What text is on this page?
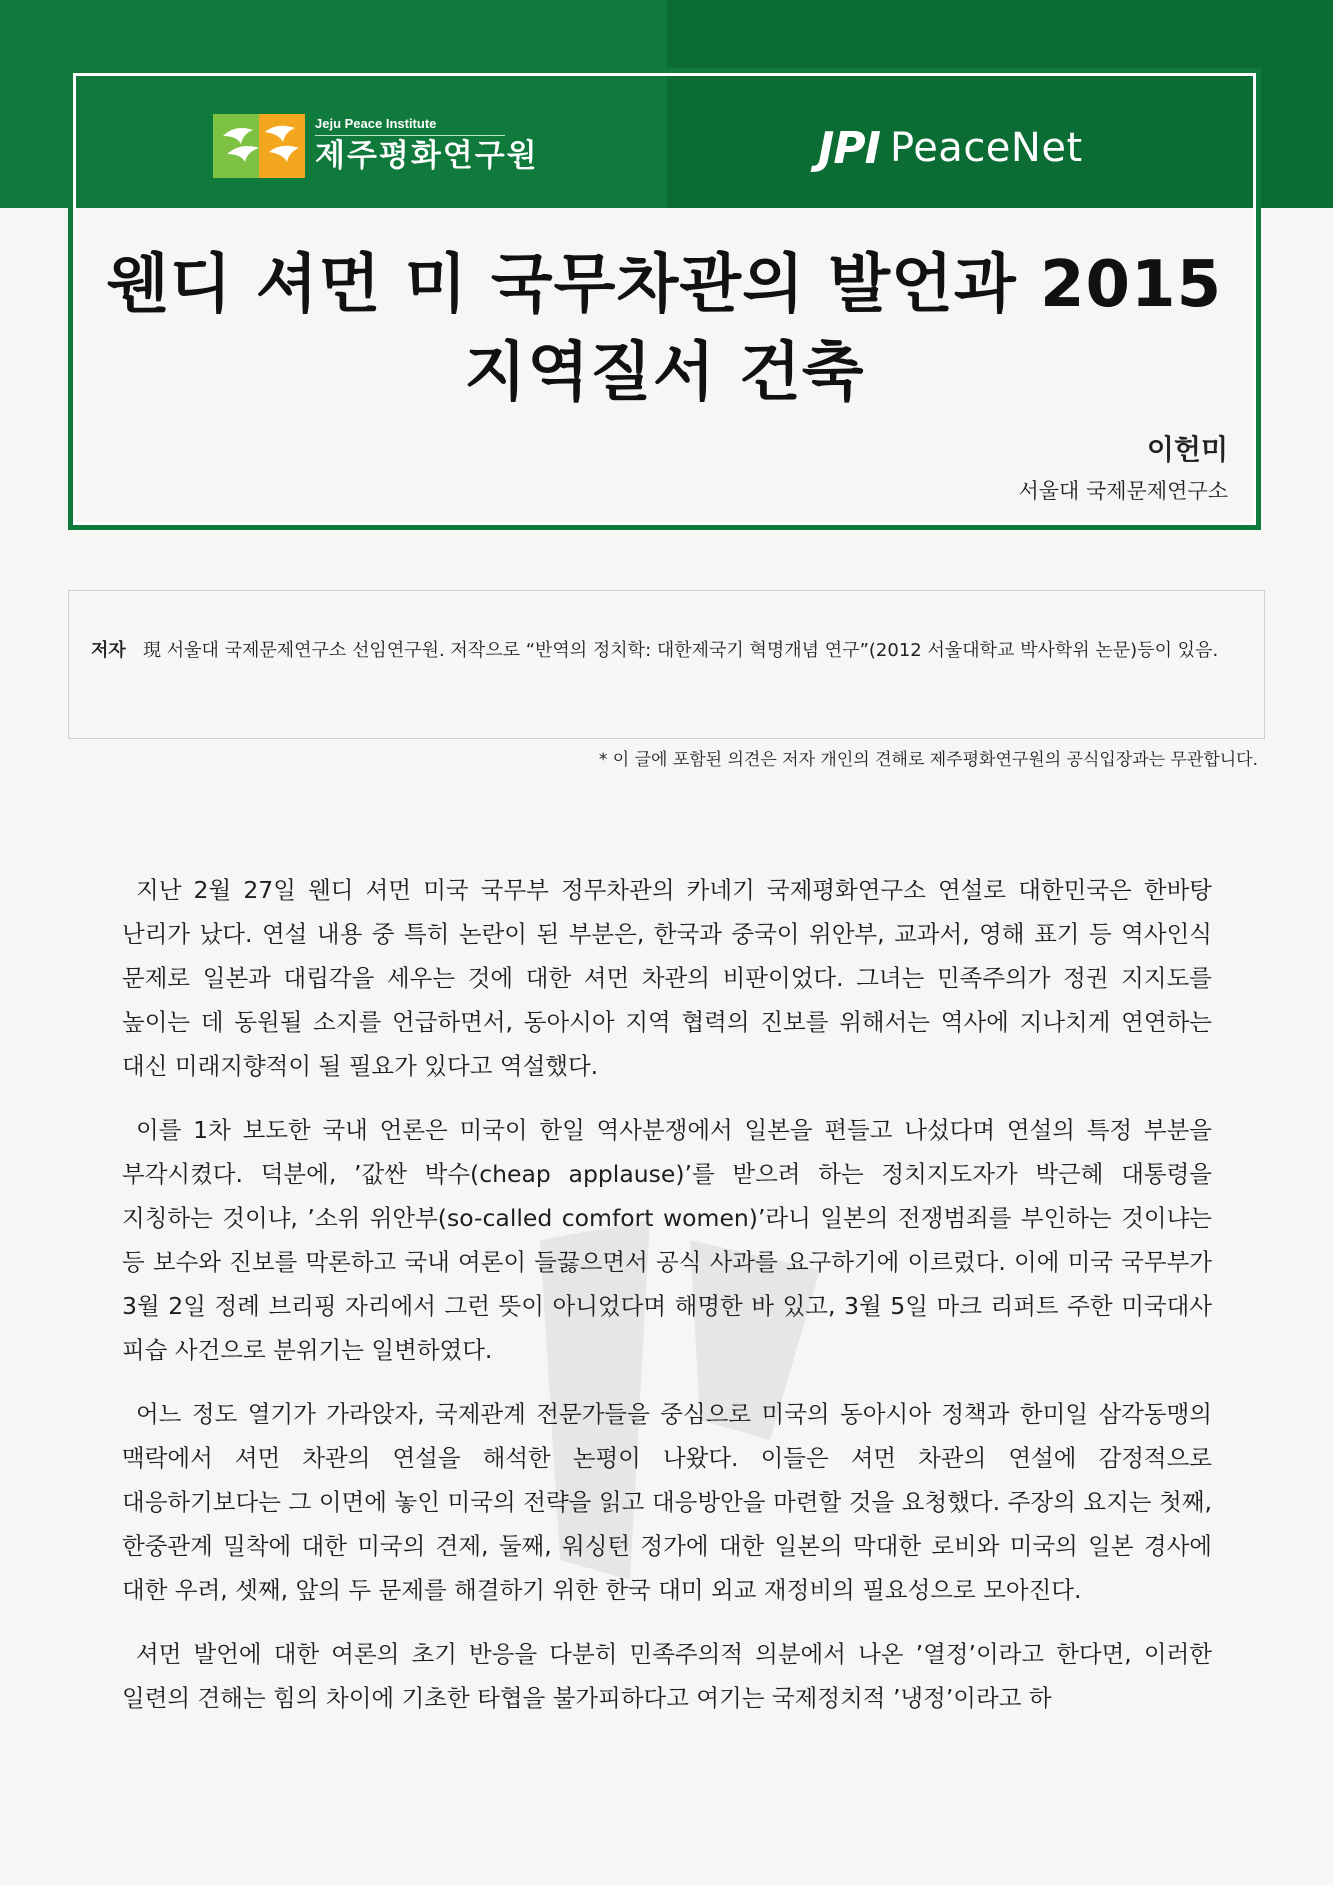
Jeju Peace Institute
제주평화연구원	JPI PeaceNet
웬디 셔먼 미 국무차관의 발언과 2015
지역질서 건축
이헌미
서울대 국제문제연구소
저자 現 서울대 국제문제연구소 선임연구원. 저작으로 “반역의 정치학: 대한제국기 혁명개념 연구”(2012 서울대학교 박사학위 논문)등이 있음.
* 이 글에 포함된 의견은 저자 개인의 견해로 제주평화연구원의 공식입장과는 무관합니다.

지난 2월 27일 웬디 셔먼 미국 국무부 정무차관의 카네기 국제평화연구소 연설로 대한민국은 한바탕 난리가 났다. 연설 내용 중 특히 논란이 된 부분은, 한국과 중국이 위안부, 교과서, 영해 표기 등 역사인식 문제로 일본과 대립각을 세우는 것에 대한 셔먼 차관의 비판이었다. 그녀는 민족주의가 정권 지지도를 높이는 데 동원될 소지를 언급하면서, 동아시아 지역 협력의 진보를 위해서는 역사에 지나치게 연연하는 대신 미래지향적이 될 필요가 있다고 역설했다.

이를 1차 보도한 국내 언론은 미국이 한일 역사분쟁에서 일본을 편들고 나섰다며 연설의 특정 부분을 부각시켰다. 덕분에, ’값싼 박수(cheap applause)’를 받으려 하는 정치지도자가 박근혜 대통령을 지칭하는 것이냐, ’소위 위안부(so-called comfort women)’라니 일본의 전쟁범죄를 부인하는 것이냐는 등 보수와 진보를 막론하고 국내 여론이 들끓으면서 공식 사과를 요구하기에 이르렀다. 이에 미국 국무부가 3월 2일 정례 브리핑 자리에서 그런 뜻이 아니었다며 해명한 바 있고, 3월 5일 마크 리퍼트 주한 미국대사 피습 사건으로 분위기는 일변하였다.

어느 정도 열기가 가라앉자, 국제관계 전문가들을 중심으로 미국의 동아시아 정책과 한미일 삼각동맹의 맥락에서 셔먼 차관의 연설을 해석한 논평이 나왔다. 이들은 셔먼 차관의 연설에 감정적으로 대응하기보다는 그 이면에 놓인 미국의 전략을 읽고 대응방안을 마련할 것을 요청했다. 주장의 요지는 첫째, 한중관계 밀착에 대한 미국의 견제, 둘째, 워싱턴 정가에 대한 일본의 막대한 로비와 미국의 일본 경사에 대한 우려, 셋째, 앞의 두 문제를 해결하기 위한 한국 대미 외교 재정비의 필요성으로 모아진다.

셔먼 발언에 대한 여론의 초기 반응을 다분히 민족주의적 의분에서 나온 ’열정’이라고 한다면, 이러한 일련의 견해는 힘의 차이에 기초한 타협을 불가피하다고 여기는 국제정치적 ’냉정’이라고 하
